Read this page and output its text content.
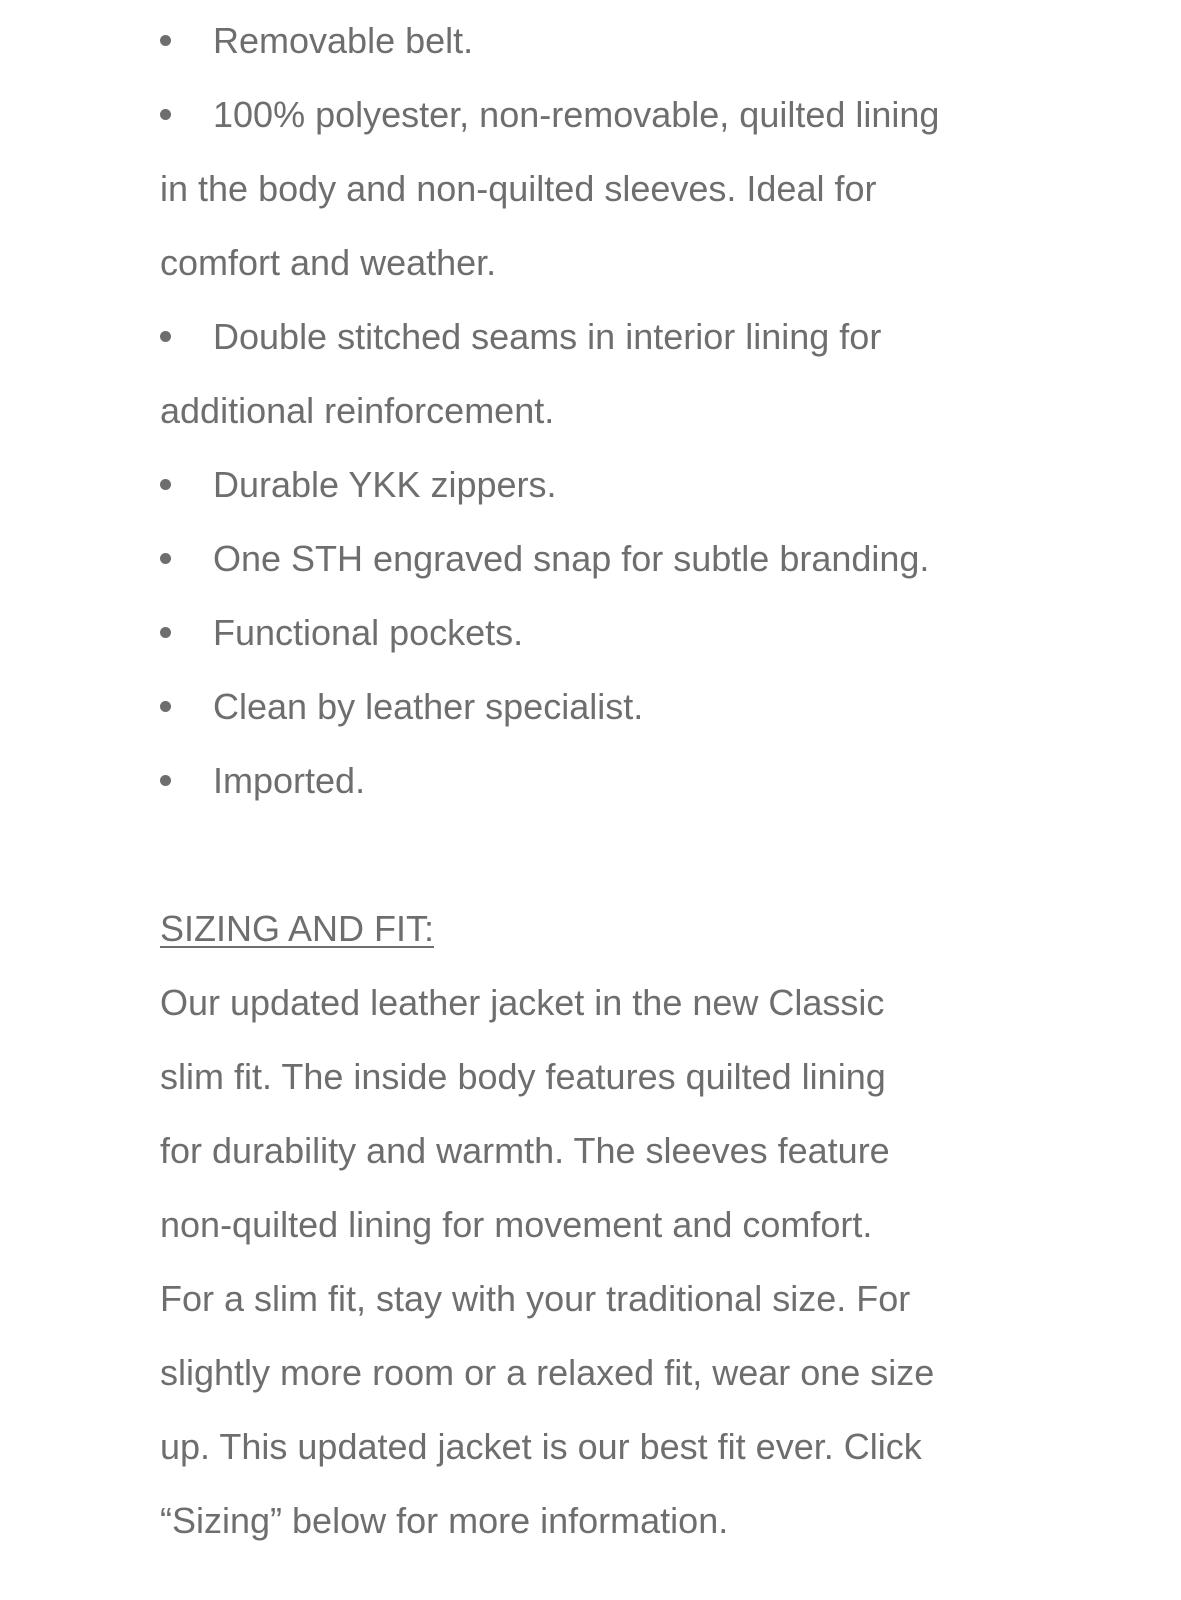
Removable belt.
100% polyester, non-removable, quilted lining
in the body and non-quilted sleeves. Ideal for
comfort and weather.
Double stitched seams in interior lining for
additional reinforcement.
Durable YKK zippers.
One STH engraved snap for subtle branding.
Functional pockets.
Clean by leather specialist.
Imported.
SIZING AND FIT:

Our updated leather jacket in the new Classic
slim fit. The inside body features quilted lining
for durability and warmth. The sleeves feature
non-quilted lining for movement and comfort.
For a slim fit, stay with your traditional size. For
slightly more room or a relaxed fit, wear one size
up. This updated jacket is our best fit ever. Click
“Sizing” below for more information.
